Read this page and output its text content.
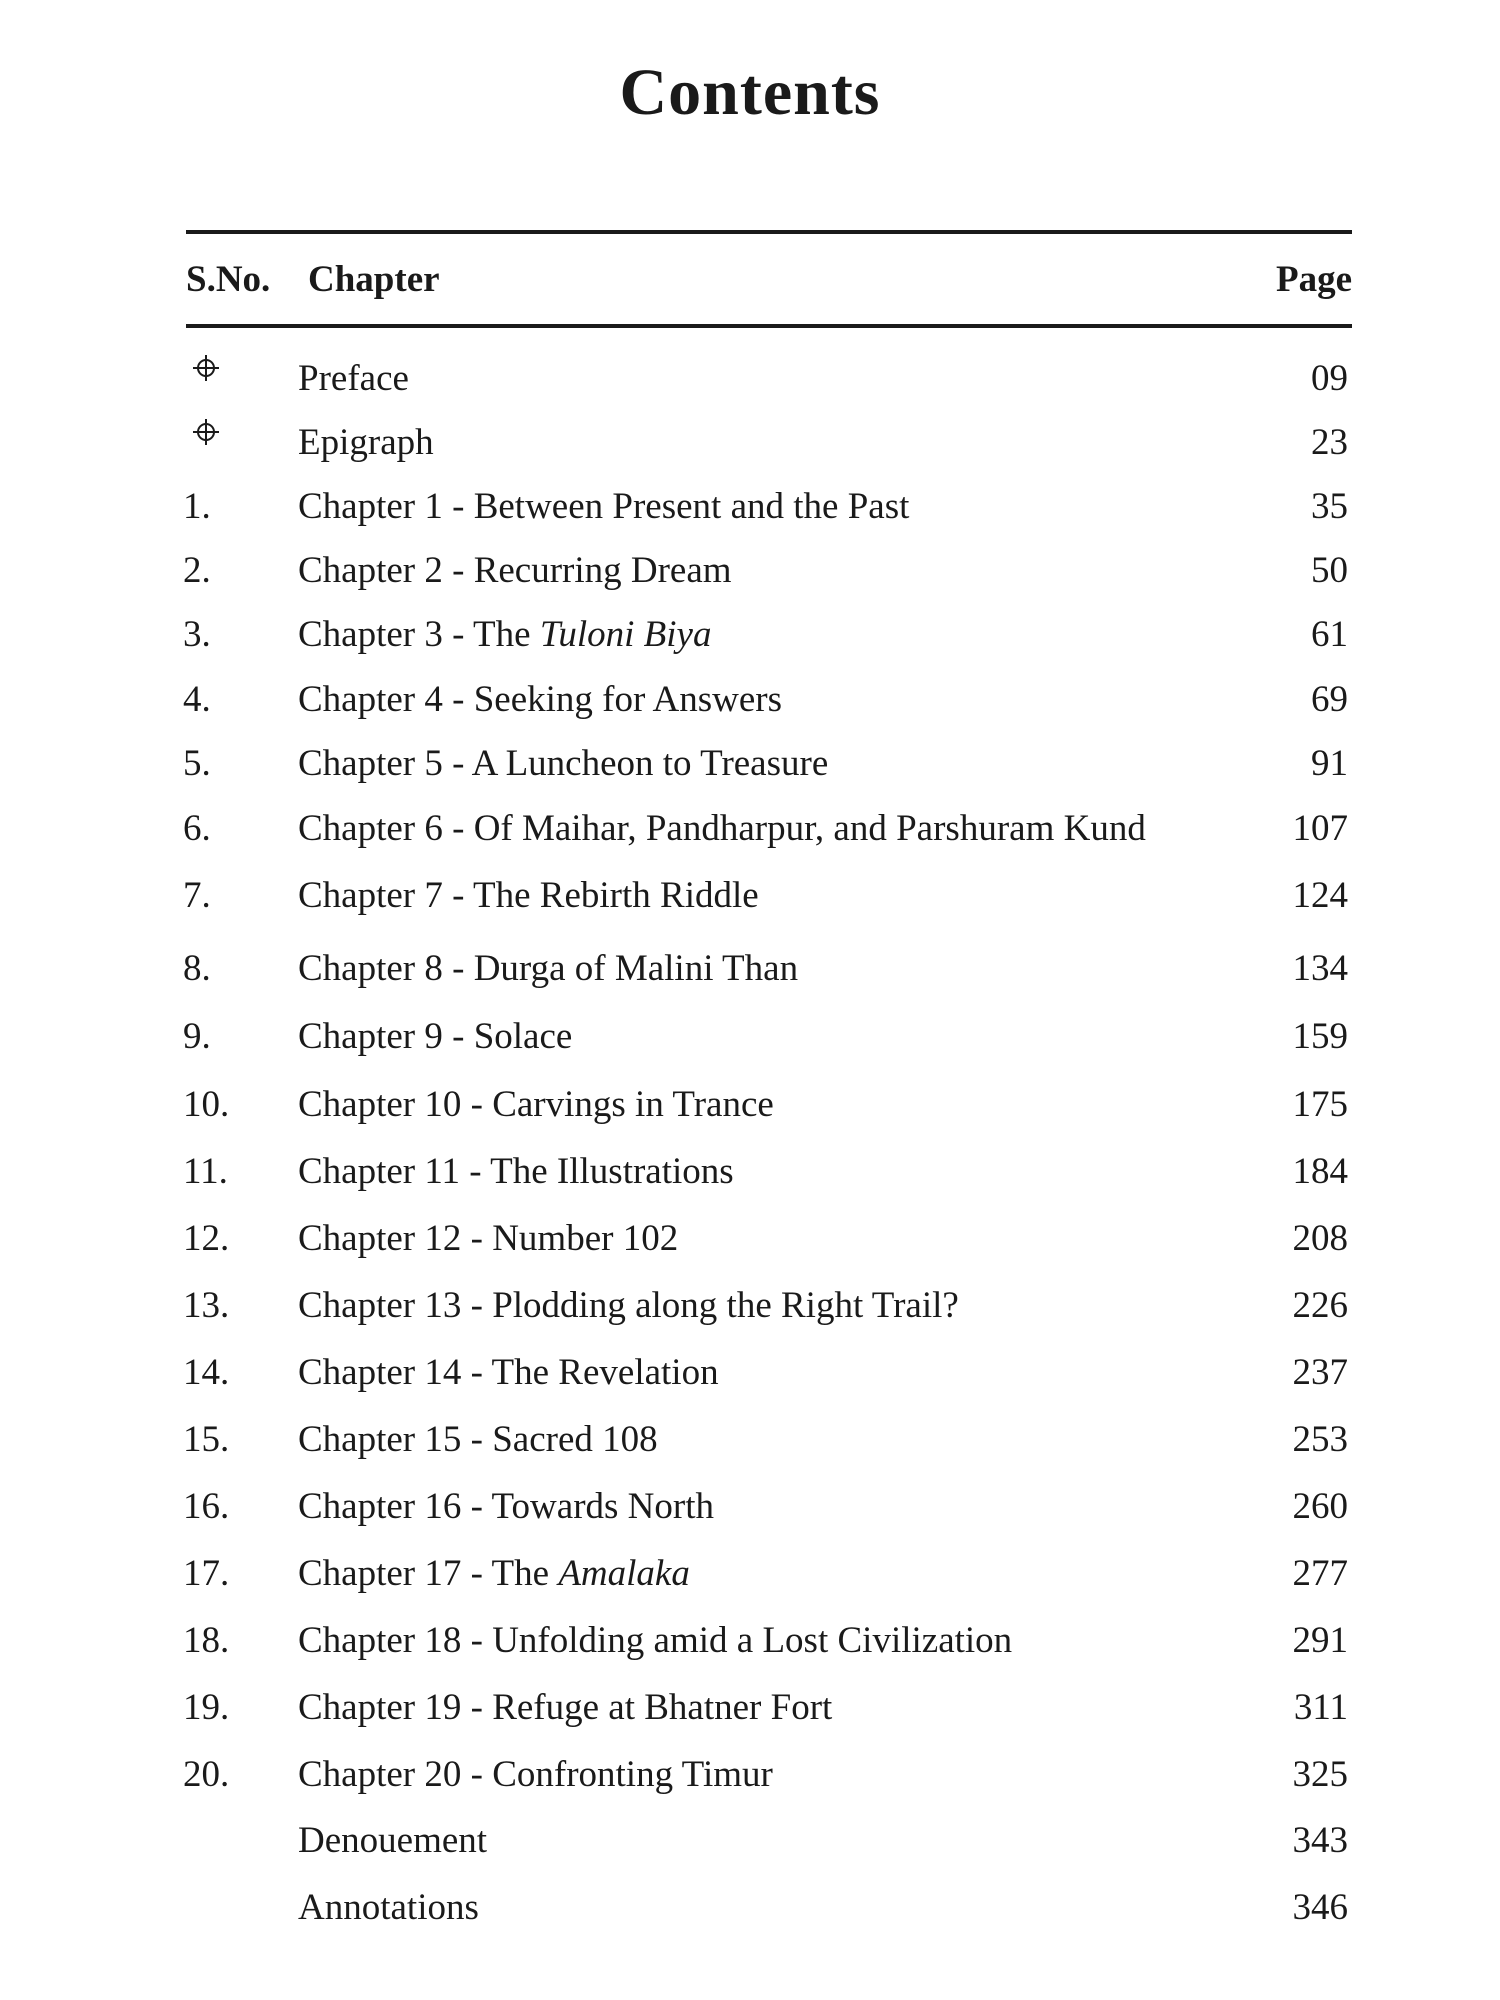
Contents
S.No. Chapter	Page
Preface	09
Epigraph	23
1.	Chapter 1 - Between Present and the Past	35
2.	Chapter 2 - Recurring Dream	50
3.	Chapter 3 - The Tuloni Biya	61
4.	Chapter 4 - Seeking for Answers	69
5.	Chapter 5 - A Luncheon to Treasure	91
6.	Chapter 6 - Of Maihar, Pandharpur, and Parshuram Kund	107
7.	Chapter 7 - The Rebirth Riddle	124
8.	Chapter 8 - Durga of Malini Than	134
9.	Chapter 9 - Solace	159
10.	Chapter 10 - Carvings in Trance	175
11.	Chapter 11 - The Illustrations	184
12.	Chapter 12 - Number 102	208
13.	Chapter 13 - Plodding along the Right Trail?	226
14.	Chapter 14 - The Revelation	237
15.	Chapter 15 - Sacred 108	253
16.	Chapter 16 - Towards North	260
17.	Chapter 17 - The Amalaka	277
18.	Chapter 18 - Unfolding amid a Lost Civilization	291
19.	Chapter 19 - Refuge at Bhatner Fort	311
20.	Chapter 20 - Confronting Timur	325
Denouement	343
Annotations	346
